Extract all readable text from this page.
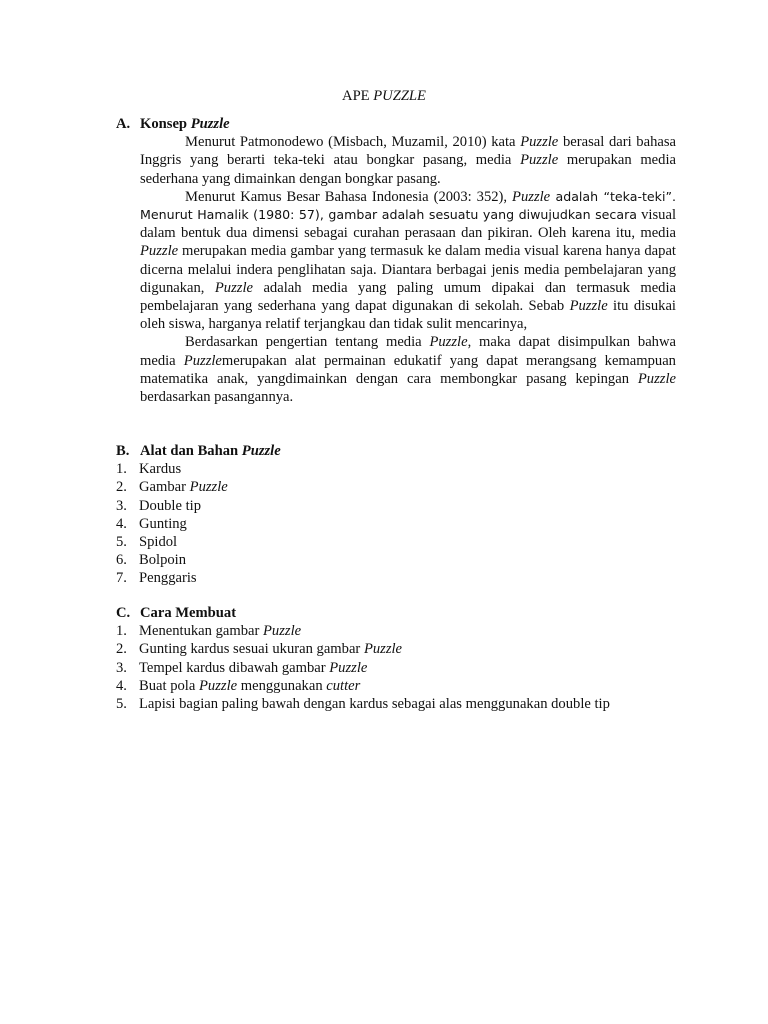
APE PUZZLE
A. Konsep Puzzle

Menurut Patmonodewo (Misbach, Muzamil, 2010) kata Puzzle berasal dari bahasa Inggris yang berarti teka-teki atau bongkar pasang, media Puzzle merupakan media sederhana yang dimainkan dengan bongkar pasang.

Menurut Kamus Besar Bahasa Indonesia (2003: 352), Puzzle adalah “teka-teki”. Menurut Hamalik (1980: 57), gambar adalah sesuatu yang diwujudkan secara visual dalam bentuk dua dimensi sebagai curahan perasaan dan pikiran. Oleh karena itu, media Puzzle merupakan media gambar yang termasuk ke dalam media visual karena hanya dapat dicerna melalui indera penglihatan saja. Diantara berbagai jenis media pembelajaran yang digunakan, Puzzle adalah media yang paling umum dipakai dan termasuk media pembelajaran yang sederhana yang dapat digunakan di sekolah. Sebab Puzzle itu disukai oleh siswa, harganya relatif terjangkau dan tidak sulit mencarinya,

Berdasarkan pengertian tentang media Puzzle, maka dapat disimpulkan bahwa media Puzzlemerupakan alat permainan edukatif yang dapat merangsang kemampuan matematika anak, yangdimainkan dengan cara membongkar pasang kepingan Puzzle berdasarkan pasangannya.

B. Alat dan Bahan Puzzle
1. Kardus
2. Gambar Puzzle
3. Double tip
4. Gunting
5. Spidol
6. Bolpoin
7. Penggaris
C. Cara Membuat
1. Menentukan gambar Puzzle
2. Gunting kardus sesuai ukuran gambar Puzzle
3. Tempel kardus dibawah gambar Puzzle
4. Buat pola Puzzle menggunakan cutter
5. Lapisi bagian paling bawah dengan kardus sebagai alas menggunakan double tip
